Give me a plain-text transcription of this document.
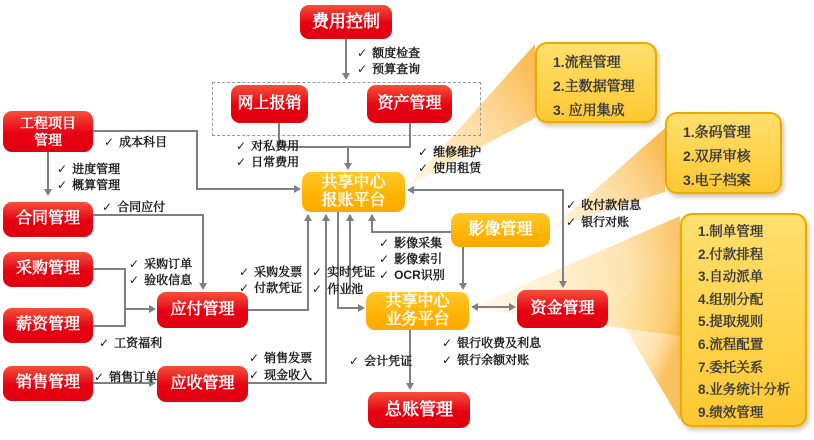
费用控制
网上报销	资产管理
工程项目
管理
合同管理
采购管理
薪资管理
销售管理
应付管理
应收管理
共享中心
报账平台
共享中心
业务平台
影像管理
资金管理
总账管理
1.流程管理
2.主数据管理
3. 应用集成
1.条码管理
2.双屏审核
3.电子档案
1.制单管理
2.付款排程
3.自动派单
4.组别分配
5.提取规则
6.流程配置
7.委托关系
8.业务统计分析
9.绩效管理
✓ 额度检查
✓ 预算查询
✓ 对私费用
✓ 日常费用
✓ 维修维护
✓ 使用租赁
✓ 成本科目
✓ 进度管理
✓ 概算管理
✓ 合同应付
✓ 采购订单
✓ 验收信息
✓ 工资福利
✓ 销售订单
✓ 采购发票
✓ 付款凭证
✓ 实时凭证
✓ 作业池
✓ 销售发票
✓ 现金收入
✓ 影像采集
✓ 影像索引
✓ OCR识别
✓ 收付款信息
✓ 银行对账
✓ 银行收费及利息
✓ 银行余额对账
✓ 会计凭证
